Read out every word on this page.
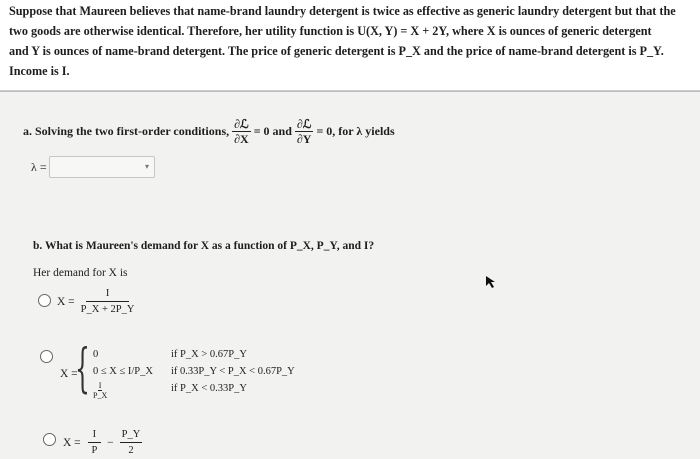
Suppose that Maureen believes that name-brand laundry detergent is twice as effective as generic laundry detergent but that the

two goods are otherwise identical. Therefore, her utility function is U(X, Y) = X + 2Y, where X is ounces of generic detergent

and Y is ounces of name-brand detergent. The price of generic detergent is P_X and the price of name-brand detergent is P_Y.

Income is I.

a. Solving the two first-order conditions, $\frac{\text{∂ℒ}}{\partial X} = 0$ and $\frac{\text{∂ℒ}}{\partial Y} = 0$, for λ yields
λ =	▾
b. What is Maureen's demand for X as a function of P_X, P_Y, and I?
Her demand for X is
$X = \frac{I}{P\_X + 2P\_Y}$
X =
{ 0
0 ≤ X ≤ I/P_X
$\frac{I}{P\_X}$
if P_X > 0.67P_Y
if 0.33P_Y < P_X < 0.67P_Y
if P_X < 0.33P_Y
$X = \frac{I}{P} - \frac{P\_Y}{2}$
